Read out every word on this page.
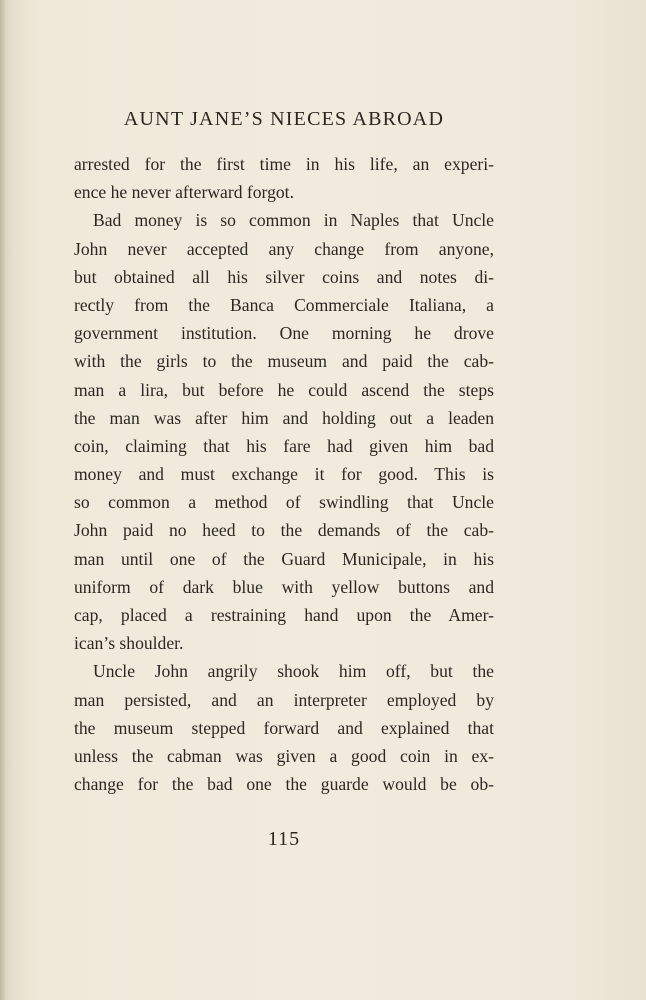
AUNT JANE’S NIECES ABROAD
arrested for the first time in his life, an experi-
ence he never afterward forgot.
Bad money is so common in Naples that Uncle
John never accepted any change from anyone,
but obtained all his silver coins and notes di-
rectly from the Banca Commerciale Italiana, a
government institution. One morning he drove
with the girls to the museum and paid the cab-
man a lira, but before he could ascend the steps
the man was after him and holding out a leaden
coin, claiming that his fare had given him bad
money and must exchange it for good. This is
so common a method of swindling that Uncle
John paid no heed to the demands of the cab-
man until one of the Guard Municipale, in his
uniform of dark blue with yellow buttons and
cap, placed a restraining hand upon the Amer-
ican’s shoulder.
Uncle John angrily shook him off, but the
man persisted, and an interpreter employed by
the museum stepped forward and explained that
unless the cabman was given a good coin in ex-
change for the bad one the guarde would be ob-
115
